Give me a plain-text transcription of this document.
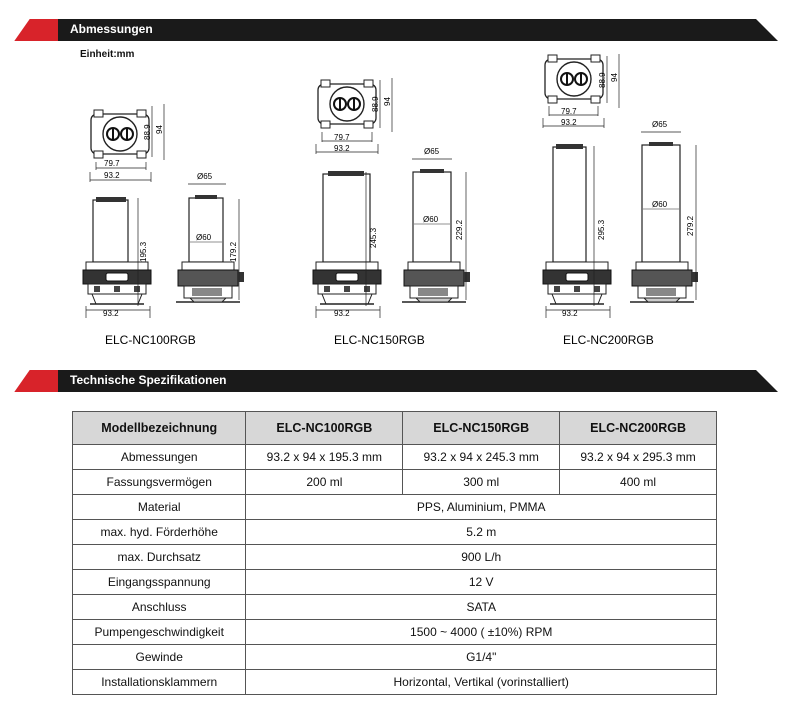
Abmessungen
Einheit:mm
79.7
93.2
88.9 94
195.3
93.2
Ø65
Ø60
179.2
ELC-NC100RGB
79.7
93.2
88.9 94
245.3
93.2
Ø65
Ø60
229.2
ELC-NC150RGB
79.7
93.2
88.9 94
295.3
93.2
Ø65
Ø60
279.2
ELC-NC200RGB
Technische Spezifikationen
Modellbezeichnung	ELC-NC100RGB	ELC-NC150RGB	ELC-NC200RGB
Abmessungen	93.2 x 94 x 195.3 mm	93.2 x 94 x 245.3 mm	93.2 x 94 x 295.3 mm
Fassungsvermögen	200 ml	300 ml	400 ml
Material	PPS, Aluminium, PMMA		
max. hyd. Förderhöhe	5.2 m		
max. Durchsatz	900 L/h		
Eingangsspannung	12 V		
Anschluss	SATA		
Pumpengeschwindigkeit	1500 ~ 4000 ( ±10%) RPM		
Gewinde	G1/4"		
Installationsklammern	Horizontal, Vertikal (vorinstalliert)		
